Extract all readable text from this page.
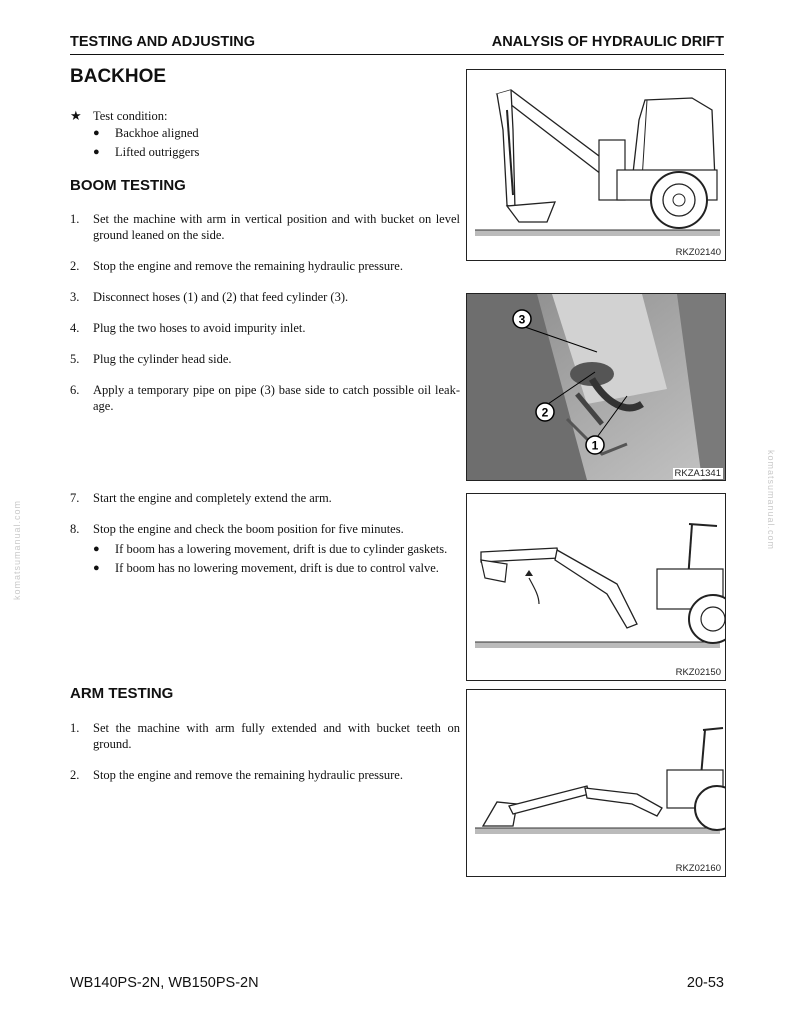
TESTING AND ADJUSTING	ANALYSIS OF HYDRAULIC DRIFT
BACKHOE
★ Test condition:
● Backhoe aligned
● Lifted outriggers
BOOM TESTING
1. Set the machine with arm in vertical position and with bucket on level ground leaned on the side.
2. Stop the engine and remove the remaining hydraulic pressure.
3. Disconnect hoses (1) and (2) that feed cylinder (3).
4. Plug the two hoses to avoid impurity inlet.
5. Plug the cylinder head side.
6. Apply a temporary pipe on pipe (3) base side to catch possible oil leak- age.
7. Start the engine and completely extend the arm.
8. Stop the engine and check the boom position for five minutes.
● If boom has a lowering movement, drift is due to cylinder gaskets.
● If boom has no lowering movement, drift is due to control valve.
ARM TESTING
1. Set the machine with arm fully extended and with bucket teeth on ground.
2. Stop the engine and remove the remaining hydraulic pressure.
RKZ02140
3
2
1
RKZA1341
RKZ02150
RKZ02160
komatsumanual.com	komatsumanual.com
WB140PS-2N, WB150PS-2N	20-53
